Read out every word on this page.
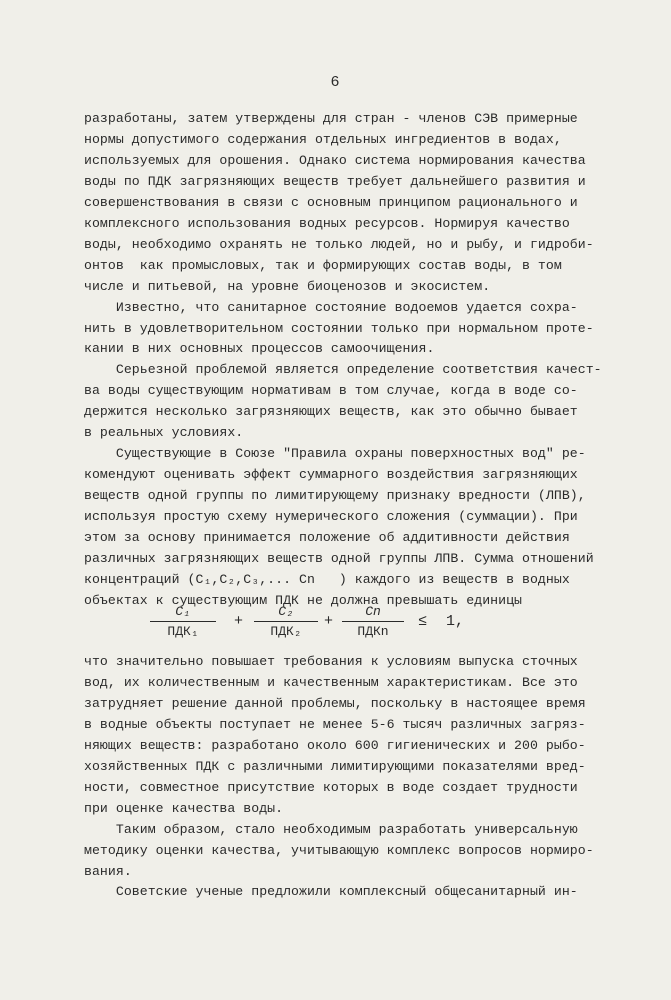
6
разработаны, затем утверждены для стран - членов СЭВ примерные
нормы допустимого содержания отдельных ингредиентов в водах,
используемых для орошения. Однако система нормирования качества
воды по ПДК загрязняющих веществ требует дальнейшего развития и
совершенствования в связи с основным принципом рационального и
комплексного использования водных ресурсов. Нормируя качество
воды, необходимо охранять не только людей, но и рыбу, и гидроби-
онтов  как промысловых, так и формирующих состав воды, в том
числе и питьевой, на уровне биоценозов и экосистем.
Известно, что санитарное состояние водоемов удается сохра-
нить в удовлетворительном состоянии только при нормальном проте-
кании в них основных процессов самоочищения.
Серьезной проблемой является определение соответствия качест-
ва воды существующим нормативам в том случае, когда в воде со-
держится несколько загрязняющих веществ, как это обычно бывает
в реальных условиях.
Существующие в Союзе "Правила охраны поверхностных вод" ре-
комендуют оценивать эффект суммарного воздействия загрязняющих
веществ одной группы по лимитирующему признаку вредности (ЛПВ),
используя простую схему нумерического сложения (суммации). При
этом за основу принимается положение об аддитивности действия
различных загрязняющих веществ одной группы ЛПВ. Сумма отношений
концентраций (C₁,C₂,C₃,... Cn   ) каждого из веществ в водных
объектах к существующим ПДК не должна превышать единицы
C₁
ПДК₁
+
C₂
ПДК₂
+
Cn
ПДКn
≤ 1,
что значительно повышает требования к условиям выпуска сточных
вод, их количественным и качественным характеристикам. Все это
затрудняет решение данной проблемы, поскольку в настоящее время
в водные объекты поступает не менее 5-6 тысяч различных загряз-
няющих веществ: разработано около 600 гигиенических и 200 рыбо-
хозяйственных ПДК с различными лимитирующими показателями вред-
ности, совместное присутствие которых в воде создает трудности
при оценке качества воды.
Таким образом, стало необходимым разработать универсальную
методику оценки качества, учитывающую комплекс вопросов нормиро-
вания.
Советские ученые предложили комплексный общесанитарный ин-
